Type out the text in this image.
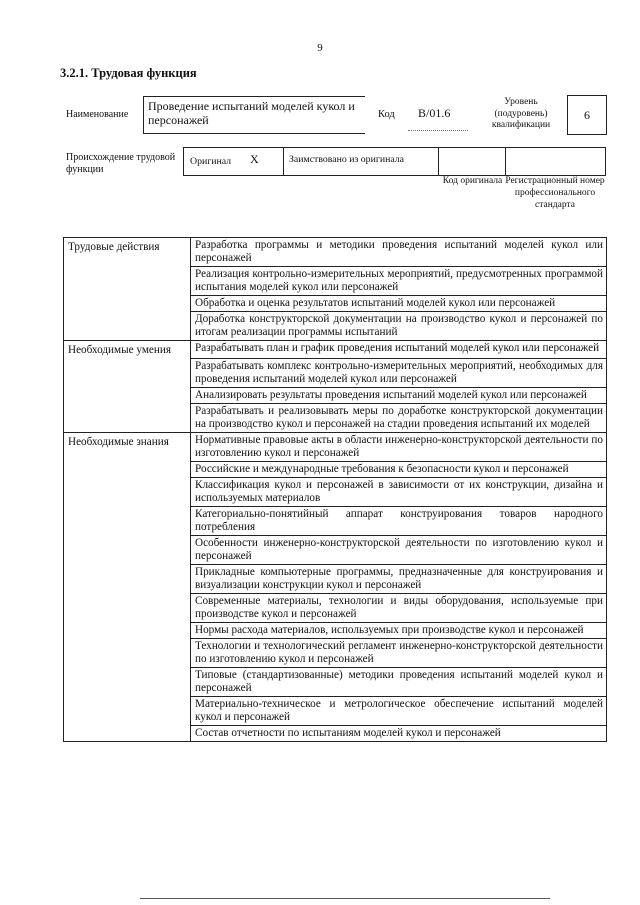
9
3.2.1. Трудовая функция
Наименование
Проведение испытаний моделей кукол и персонажей	Код B/01.6
Уровень (подуровень) квалификации
6
Происхождение трудовой функции
Оригинал X	Заимствовано из оригинала
Код оригинала Регистрационный номер профессионального стандарта
Трудовые действия	Разработка программы и методики проведения испытаний моделей кукол или персонажей
	Реализация контрольно-измерительных мероприятий, предусмотренных программой испытания моделей кукол или персонажей
	Обработка и оценка результатов испытаний моделей кукол или персонажей
	Доработка конструкторской документации на производство кукол и персонажей по итогам реализации программы испытаний
Необходимые умения	Разрабатывать план и график проведения испытаний моделей кукол или персонажей
	Разрабатывать комплекс контрольно-измерительных мероприятий, необходимых для проведения испытаний моделей кукол или персонажей
	Анализировать результаты проведения испытаний моделей кукол или персонажей
	Разрабатывать и реализовывать меры по доработке конструкторской документации на производство кукол и персонажей на стадии проведения испытаний их моделей
Необходимые знания	Нормативные правовые акты в области инженерно-конструкторской деятельности по изготовлению кукол и персонажей
	Российские и международные требования к безопасности кукол и персонажей
	Классификация кукол и персонажей в зависимости от их конструкции, дизайна и используемых материалов
	Категориально-понятийный аппарат конструирования товаров народного потребления
	Особенности инженерно-конструкторской деятельности по изготовлению кукол и персонажей
	Прикладные компьютерные программы, предназначенные для конструирования и визуализации конструкции кукол и персонажей
	Современные материалы, технологии и виды оборудования, используемые при производстве кукол и персонажей
	Нормы расхода материалов, используемых при производстве кукол и персонажей
	Технологии и технологический регламент инженерно-конструкторской деятельности по изготовлению кукол и персонажей
	Типовые (стандартизованные) методики проведения испытаний моделей кукол и персонажей
	Материально-техническое и метрологическое обеспечение испытаний моделей кукол и персонажей
	Состав отчетности по испытаниям моделей кукол и персонажей
